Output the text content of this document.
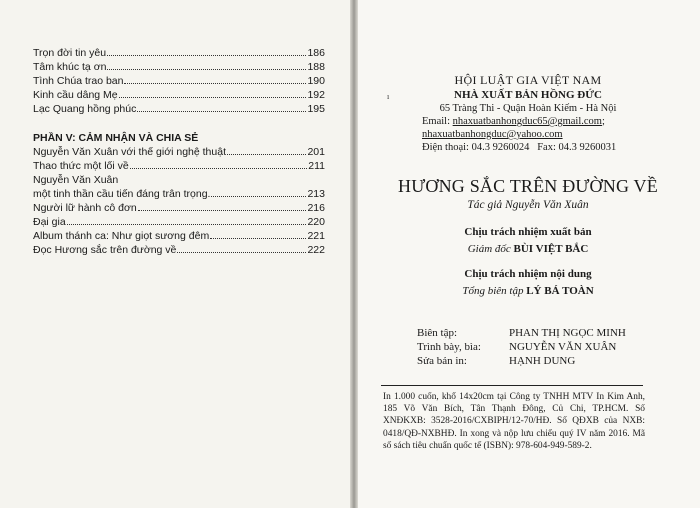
Trọn đời tin yêu	186
Tâm khúc tạ ơn	188
Tình Chúa trao ban	190
Kinh cầu dâng Mẹ	192
Lạc Quang hồng phúc	195
PHẦN V: CẢM NHẬN VÀ CHIA SẺ
Nguyễn Văn Xuân với thế giới nghệ thuật	201
Thao thức một lối về	211
Nguyễn Văn Xuân
một tinh thần cầu tiến đáng trân trọng.	213
Người lữ hành cô đơn	216
Đại gia	220
Album thánh ca: Như giọt sương đêm	221
Đọc Hương sắc trên đường về	222
ı
HỘI LUẬT GIA VIỆT NAM
NHÀ XUẤT BẢN HỒNG ĐỨC
65 Tràng Thi - Quận Hoàn Kiếm - Hà Nội
Email: nhaxuatbanhongduc65@gmail.com;
nhaxuatbanhongduc@yahoo.com
Điện thoại: 04.3 9260024   Fax: 04.3 9260031
HƯƠNG SẮC TRÊN ĐƯỜNG VỀ
Tác giả Nguyễn Văn Xuân
Chịu trách nhiệm xuất bản
Giám đốc BÙI VIỆT BẮC
Chịu trách nhiệm nội dung
Tổng biên tập LÝ BÁ TOÀN
Biên tập:	PHAN THỊ NGỌC MINH
Trình bày, bìa:	NGUYỄN VĂN XUÂN
Sửa bản in:	HẠNH DUNG
In 1.000 cuốn, khổ 14x20cm tại Công ty TNHH MTV In Kim Anh, 185 Võ Văn Bích, Tân Thạnh Đông, Củ Chi, TP.HCM. Số XNĐKXB: 3528-2016/CXBIPH/12-70/HĐ. Số QĐXB của NXB: 0418/QĐ-NXBHĐ. In xong và nộp lưu chiểu quý IV năm 2016. Mã số sách tiêu chuẩn quốc tế (ISBN): 978-604-949-589-2.
